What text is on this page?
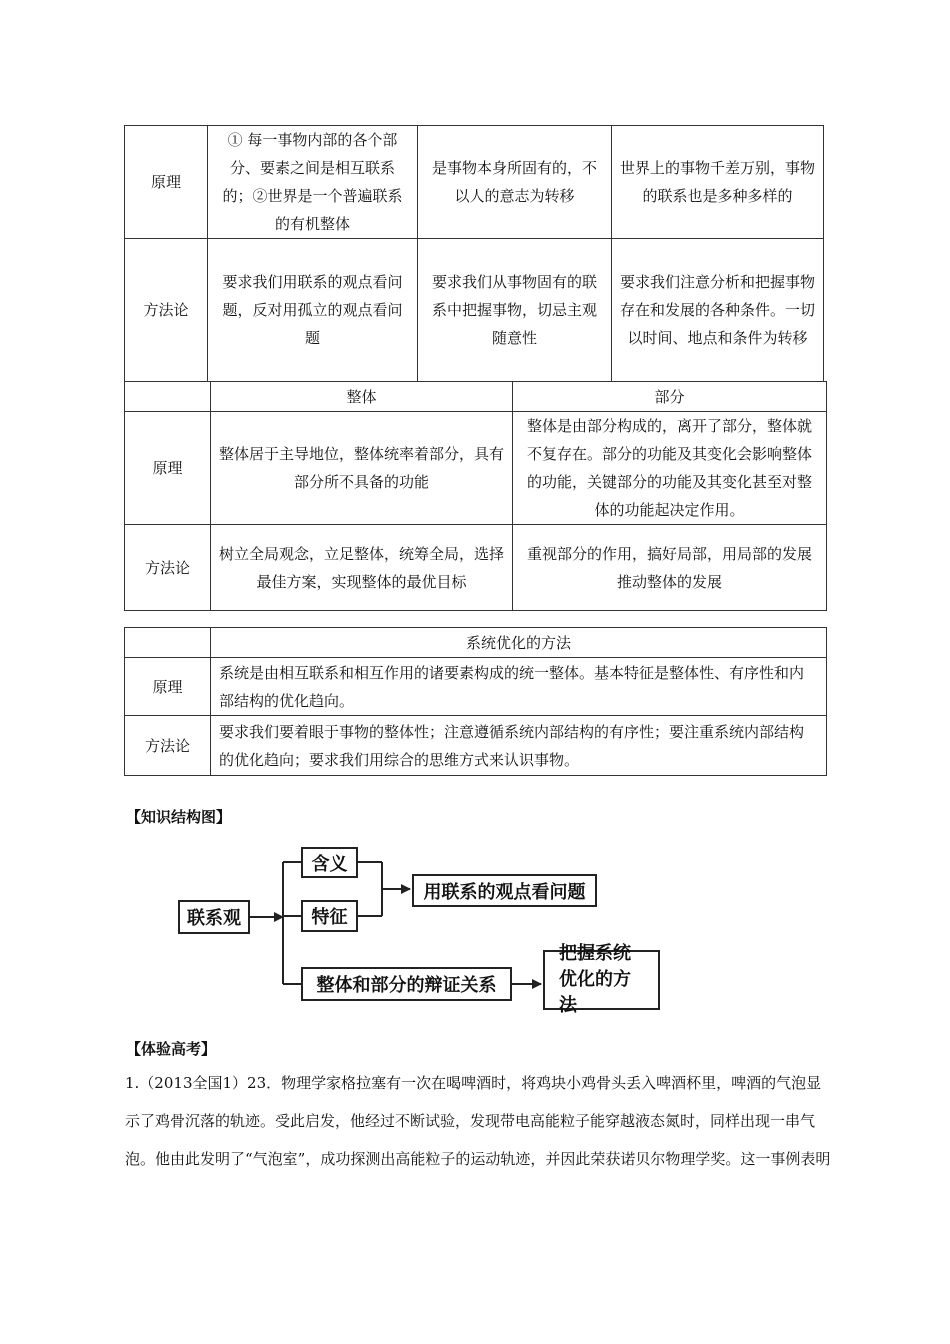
原理	① 每一事物内部的各个部分、要素之间是相互联系的；②世界是一个普遍联系的有机整体	是事物本身所固有的，不以人的意志为转移	世界上的事物千差万别，事物的联系也是多种多样的
方法论	要求我们用联系的观点看问题，反对用孤立的观点看问题	要求我们从事物固有的联系中把握事物，切忌主观随意性	要求我们注意分析和把握事物存在和发展的各种条件。一切以时间、地点和条件为转移
	整体	部分
原理	整体居于主导地位，整体统率着部分，具有部分所不具备的功能	整体是由部分构成的，离开了部分，整体就不复存在。部分的功能及其变化会影响整体的功能，关键部分的功能及其变化甚至对整体的功能起决定作用。
方法论	树立全局观念，立足整体，统筹全局，选择最佳方案，实现整体的最优目标	重视部分的作用，搞好局部，用局部的发展推动整体的发展
	系统优化的方法
原理	系统是由相互联系和相互作用的诸要素构成的统一整体。基本特征是整体性、有序性和内部结构的优化趋向。
方法论	要求我们要着眼于事物的整体性；注意遵循系统内部结构的有序性；要注重系统内部结构的优化趋向；要求我们用综合的思维方式来认识事物。
【知识结构图】
联系观
含义
特征
用联系的观点看问题
整体和部分的辩证关系
把握系统优化的方法
【体验高考】
1.（2013全国1）23．物理学家格拉塞有一次在喝啤酒时，将鸡块小鸡骨头丢入啤酒杯里，啤酒的气泡显示了鸡骨沉落的轨迹。受此启发，他经过不断试验，发现带电高能粒子能穿越液态氮时，同样出现一串气泡。他由此发明了“气泡室”，成功探测出高能粒子的运动轨迹，并因此荣获诺贝尔物理学奖。这一事例表明
